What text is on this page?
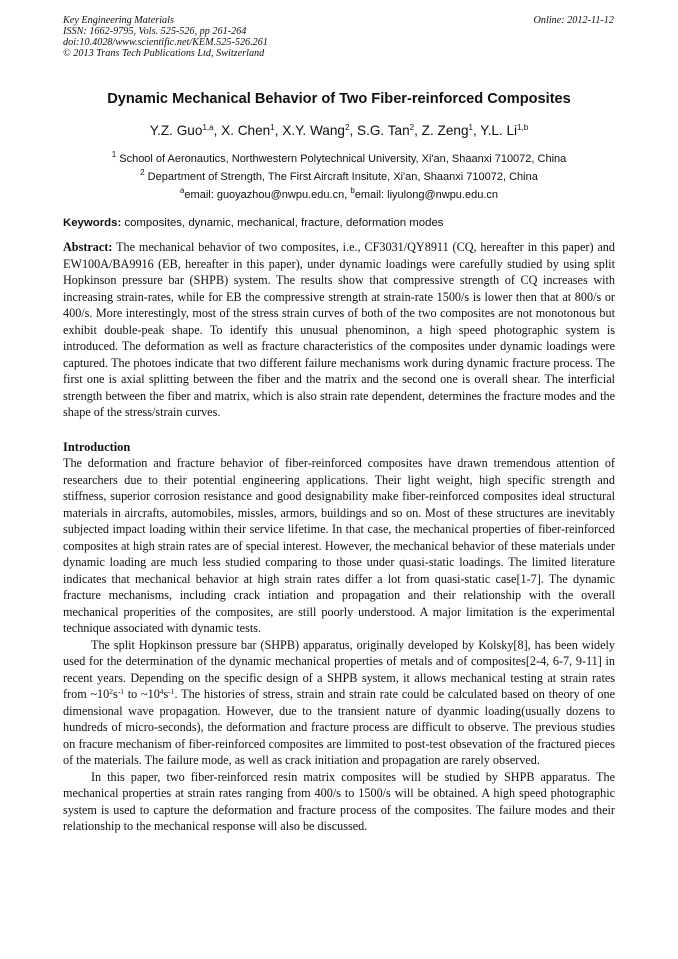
Key Engineering Materials
ISSN: 1662-9795, Vols. 525-526, pp 261-264
doi:10.4028/www.scientific.net/KEM.525-526.261
© 2013 Trans Tech Publications Ltd, Switzerland
Online: 2012-11-12
Dynamic Mechanical Behavior of Two Fiber-reinforced Composites
Y.Z. Guo$^{1,a}$, X. Chen$^1$, X.Y. Wang$^2$, S.G. Tan$^2$, Z. Zeng$^1$, Y.L. Li$^{1,b}$
$^1$ School of Aeronautics, Northwestern Polytechnical University, Xi'an, Shaanxi 710072, China
$^2$ Department of Strength, The First Aircraft Insitute, Xi'an, Shaanxi 710072, China
$^a$email: guoyazhou@nwpu.edu.cn, $^b$email: liyulong@nwpu.edu.cn
Keywords: composites, dynamic, mechanical, fracture, deformation modes

Abstract: The mechanical behavior of two composites, i.e., CF3031/QY8911 (CQ, hereafter in this paper) and EW100A/BA9916 (EB, hereafter in this paper), under dynamic loadings were carefully studied by using split Hopkinson pressure bar (SHPB) system. The results show that compressive strength of CQ increases with increasing strain-rates, while for EB the compressive strength at strain-rate 1500/s is lower then that at 800/s or 400/s. More interestingly, most of the stress strain curves of both of the two composites are not monotonous but exhibit double-peak shape. To identify this unusual phenominon, a high speed photographic system is introduced. The deformation as well as fracture characteristics of the composites under dynamic loadings were captured. The photoes indicate that two different failure mechanisms work during dynamic fracture process. The first one is axial splitting between the fiber and the matrix and the second one is overall shear. The interficial strength between the fiber and matrix, which is also strain rate dependent, determines the fracture modes and the shape of the stress/strain curves.

Introduction

The deformation and fracture behavior of fiber-reinforced composites have drawn tremendous attention of researchers due to their potential engineering applications. Their light weight, high specific strength and stiffness, superior corrosion resistance and good designability make fiber-reinforced composites ideal structural materials in aircrafts, automobiles, missles, armors, buildings and so on. Most of these structures are inevitably subjected impact loading within their service lifetime. In that case, the mechanical properties of fiber-reinforced composites at high strain rates are of special interest. However, the mechanical behavior of these materials under dynamic loading are much less studied comparing to those under quasi-static loadings. The limited literature indicates that mechanical behavior at high strain rates differ a lot from quasi-static case[1-7]. The dynamic fracture mechanisms, including crack intiation and propagation and their relationship with the overall mechanical properities of the composites, are still poorly understood. A major limitation is the experimental technique associated with dynamic tests.

The split Hopkinson pressure bar (SHPB) apparatus, originally developed by Kolsky[8], has been widely used for the determination of the dynamic mechanical properties of metals and of composites[2-4, 6-7, 9-11] in recent years. Depending on the specific design of a SHPB system, it allows mechanical testing at strain rates from $\sim 10^2s^{-1}$ to $\sim 10^4s^{-1}$. The histories of stress, strain and strain rate could be calculated based on theory of one dimensional wave propagation. However, due to the transient nature of dyanmic loading(usually dozens to hundreds of micro-seconds), the deformation and fracture process are difficult to observe. The previous studies on fracure mechanism of fiber-reinforced composites are limmited to post-test obsevation of the fractured pieces of the materials. The failure mode, as well as crack initiation and propagation are rarely observed.

In this paper, two fiber-reinforced resin matrix composites will be studied by SHPB apparatus. The mechanical properties at strain rates ranging from 400/s to 1500/s will be obtained. A high speed photographic system is used to capture the deformation and fracture process of the composites. The failure modes and their relationship to the mechanical response will also be discussed.
